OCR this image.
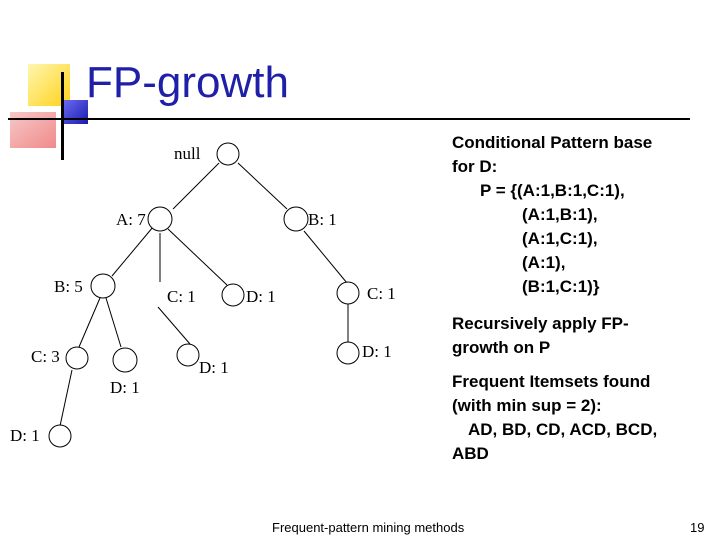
FP-growth
null
A: 7	B: 1
B: 5
C: 1	D: 1	C: 1
C: 3
D: 1
D: 1
D: 1
D: 1
Conditional Pattern base
for D:
P = {(A:1,B:1,C:1),
(A:1,B:1),
(A:1,C:1),
(A:1),
(B:1,C:1)}
Recursively apply FP-
growth on P
Frequent Itemsets found
(with min sup = 2):
AD, BD, CD, ACD, BCD,
ABD
Frequent-pattern mining methods	19
